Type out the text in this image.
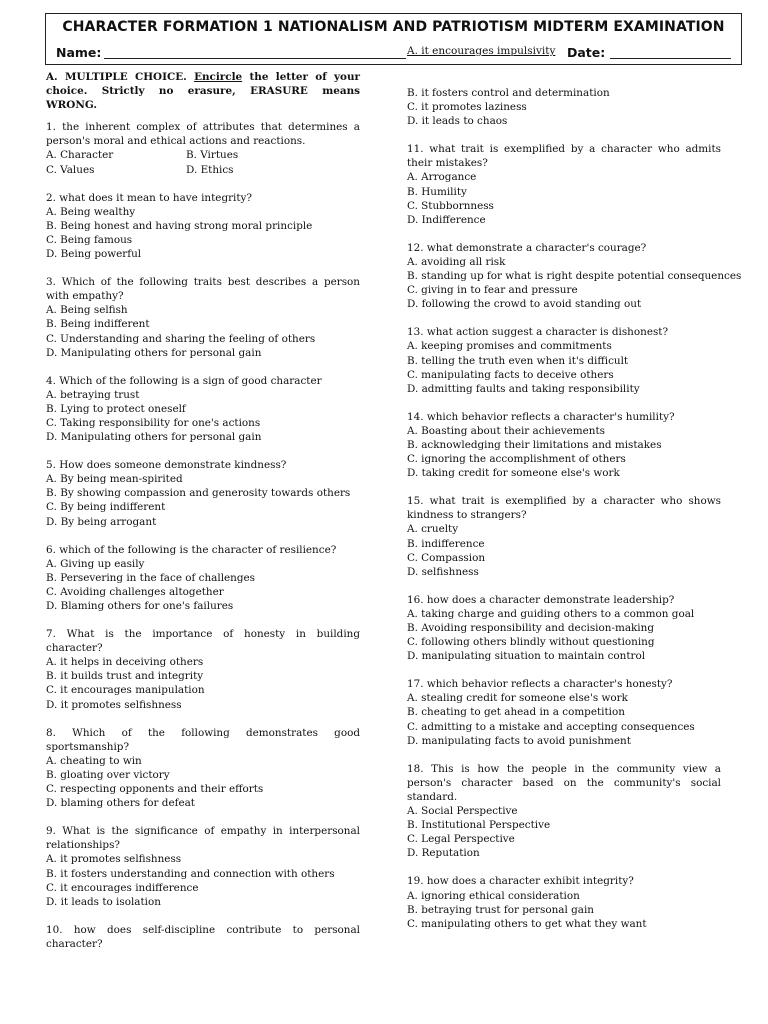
CHARACTER FORMATION 1 NATIONALISM AND PATRIOTISM MIDTERM EXAMINATION
Name:	A. it encourages impulsivity Date:
A. MULTIPLE CHOICE. Encircle the letter of your choice. Strictly no erasure, ERASURE means WRONG.
1. the inherent complex of attributes that determines a person's moral and ethical actions and reactions.
A. Character	B. Virtues
C. Values	D. Ethics
2. what does it mean to have integrity?
A. Being wealthy
B. Being honest and having strong moral principle
C. Being famous
D. Being powerful
3. Which of the following traits best describes a person with empathy?
A. Being selfish
B. Being indifferent
C. Understanding and sharing the feeling of others
D. Manipulating others for personal gain
4. Which of the following is a sign of good character
A. betraying trust
B. Lying to protect oneself
C. Taking responsibility for one's actions
D. Manipulating others for personal gain
5. How does someone demonstrate kindness?
A. By being mean-spirited
B. By showing compassion and generosity towards others
C. By being indifferent
D. By being arrogant
6. which of the following is the character of resilience?
A. Giving up easily
B. Persevering in the face of challenges
C. Avoiding challenges altogether
D. Blaming others for one's failures
7. What is the importance of honesty in building character?
A. it helps in deceiving others
B. it builds trust and integrity
C. it encourages manipulation
D. it promotes selfishness
8. Which of the following demonstrates good sportsmanship?
A. cheating to win
B. gloating over victory
C. respecting opponents and their efforts
D. blaming others for defeat
9. What is the significance of empathy in interpersonal relationships?
A. it promotes selfishness
B. it fosters understanding and connection with others
C. it encourages indifference
D. it leads to isolation
10. how does self-discipline contribute to personal character?
B. it fosters control and determination
C. it promotes laziness
D. it leads to chaos
11. what trait is exemplified by a character who admits their mistakes?
A. Arrogance
B. Humility
C. Stubbornness
D. Indifference
12. what demonstrate a character's courage?
A. avoiding all risk
B. standing up for what is right despite potential consequences
C. giving in to fear and pressure
D. following the crowd to avoid standing out
13. what action suggest a character is dishonest?
A. keeping promises and commitments
B. telling the truth even when it's difficult
C. manipulating facts to deceive others
D. admitting faults and taking responsibility
14. which behavior reflects a character's humility?
A. Boasting about their achievements
B. acknowledging their limitations and mistakes
C. ignoring the accomplishment of others
D. taking credit for someone else's work
15. what trait is exemplified by a character who shows kindness to strangers?
A. cruelty
B. indifference
C. Compassion
D. selfishness
16. how does a character demonstrate leadership?
A. taking charge and guiding others to a common goal
B. Avoiding responsibility and decision-making
C. following others blindly without questioning
D. manipulating situation to maintain control
17. which behavior reflects a character's honesty?
A. stealing credit for someone else's work
B. cheating to get ahead in a competition
C. admitting to a mistake and accepting consequences
D. manipulating facts to avoid punishment
18. This is how the people in the community view a person's character based on the community's social standard.
A. Social Perspective
B. Institutional Perspective
C. Legal Perspective
D. Reputation
19. how does a character exhibit integrity?
A. ignoring ethical consideration
B. betraying trust for personal gain
C. manipulating others to get what they want
